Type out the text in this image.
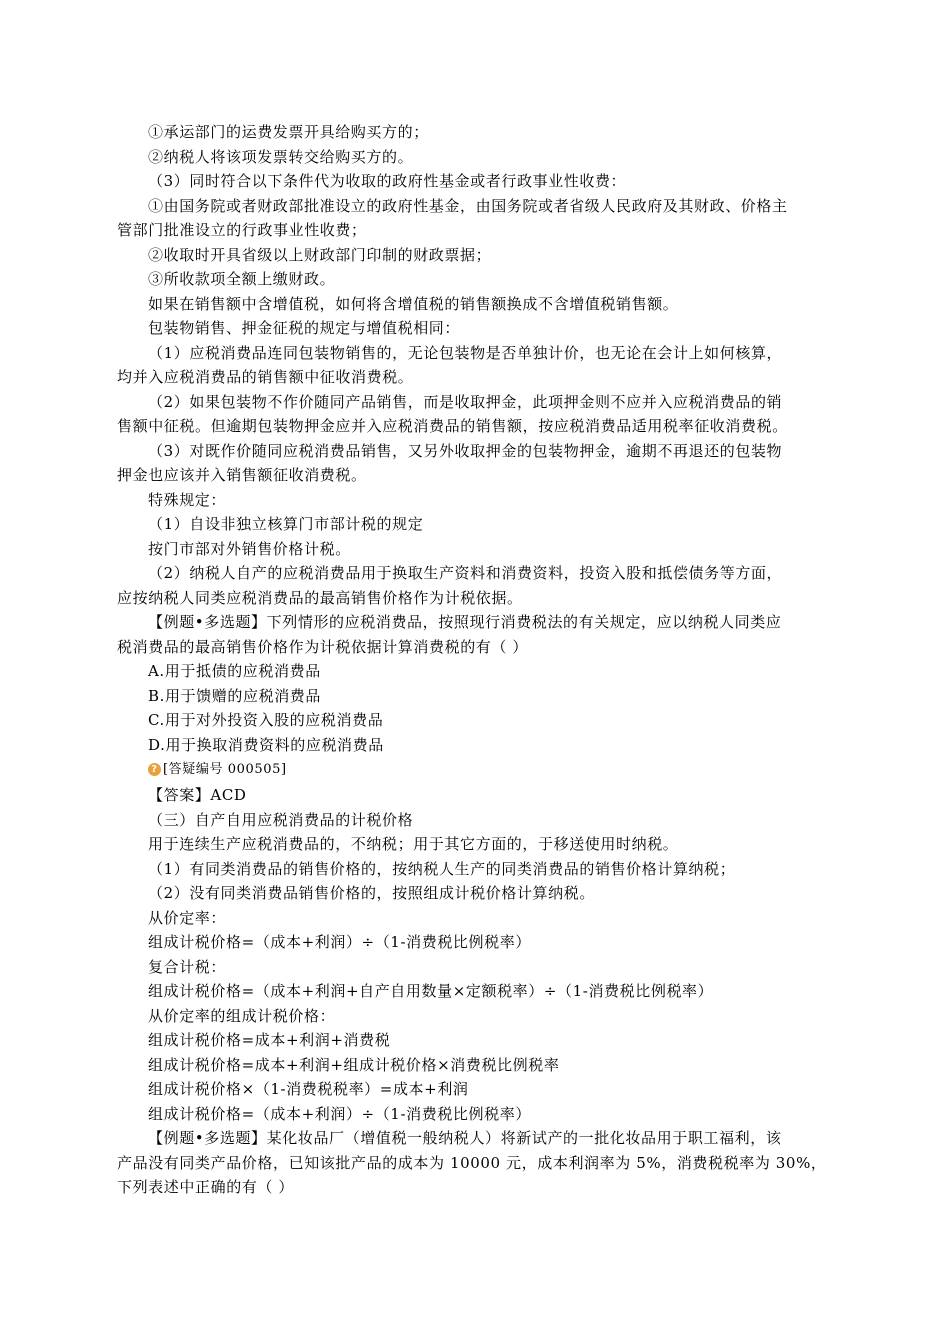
①承运部门的运费发票开具给购买方的；
②纳税人将该项发票转交给购买方的。
（3）同时符合以下条件代为收取的政府性基金或者行政事业性收费：
①由国务院或者财政部批准设立的政府性基金，由国务院或者省级人民政府及其财政、价格主
管部门批准设立的行政事业性收费；
②收取时开具省级以上财政部门印制的财政票据；
③所收款项全额上缴财政。
如果在销售额中含增值税，如何将含增值税的销售额换成不含增值税销售额。
包装物销售、押金征税的规定与增值税相同：
（1）应税消费品连同包装物销售的，无论包装物是否单独计价，也无论在会计上如何核算，
均并入应税消费品的销售额中征收消费税。
（2）如果包装物不作价随同产品销售，而是收取押金，此项押金则不应并入应税消费品的销
售额中征税。但逾期包装物押金应并入应税消费品的销售额，按应税消费品适用税率征收消费税。
（3）对既作价随同应税消费品销售，又另外收取押金的包装物押金，逾期不再退还的包装物
押金也应该并入销售额征收消费税。
特殊规定：
（1）自设非独立核算门市部计税的规定
按门市部对外销售价格计税。
（2）纳税人自产的应税消费品用于换取生产资料和消费资料，投资入股和抵偿债务等方面，
应按纳税人同类应税消费品的最高销售价格作为计税依据。
【例题•多选题】下列情形的应税消费品，按照现行消费税法的有关规定，应以纳税人同类应
税消费品的最高销售价格作为计税依据计算消费税的有（ ）
A.用于抵债的应税消费品
B.用于馈赠的应税消费品
C.用于对外投资入股的应税消费品
D.用于换取消费资料的应税消费品
? [答疑编号 000505]
【答案】ACD
（三）自产自用应税消费品的计税价格
用于连续生产应税消费品的，不纳税；用于其它方面的，于移送使用时纳税。
（1）有同类消费品的销售价格的，按纳税人生产的同类消费品的销售价格计算纳税；
（2）没有同类消费品销售价格的，按照组成计税价格计算纳税。
从价定率：
组成计税价格=（成本+利润）÷（1-消费税比例税率）
复合计税：
组成计税价格=（成本+利润+自产自用数量×定额税率）÷（1-消费税比例税率）
从价定率的组成计税价格：
组成计税价格=成本+利润+消费税
组成计税价格=成本+利润+组成计税价格×消费税比例税率
组成计税价格×（1-消费税税率）=成本+利润
组成计税价格=（成本+利润）÷（1-消费税比例税率）
【例题•多选题】某化妆品厂（增值税一般纳税人）将新试产的一批化妆品用于职工福利，该
产品没有同类产品价格，已知该批产品的成本为 10000 元，成本利润率为 5%，消费税税率为 30%，
下列表述中正确的有（ ）
